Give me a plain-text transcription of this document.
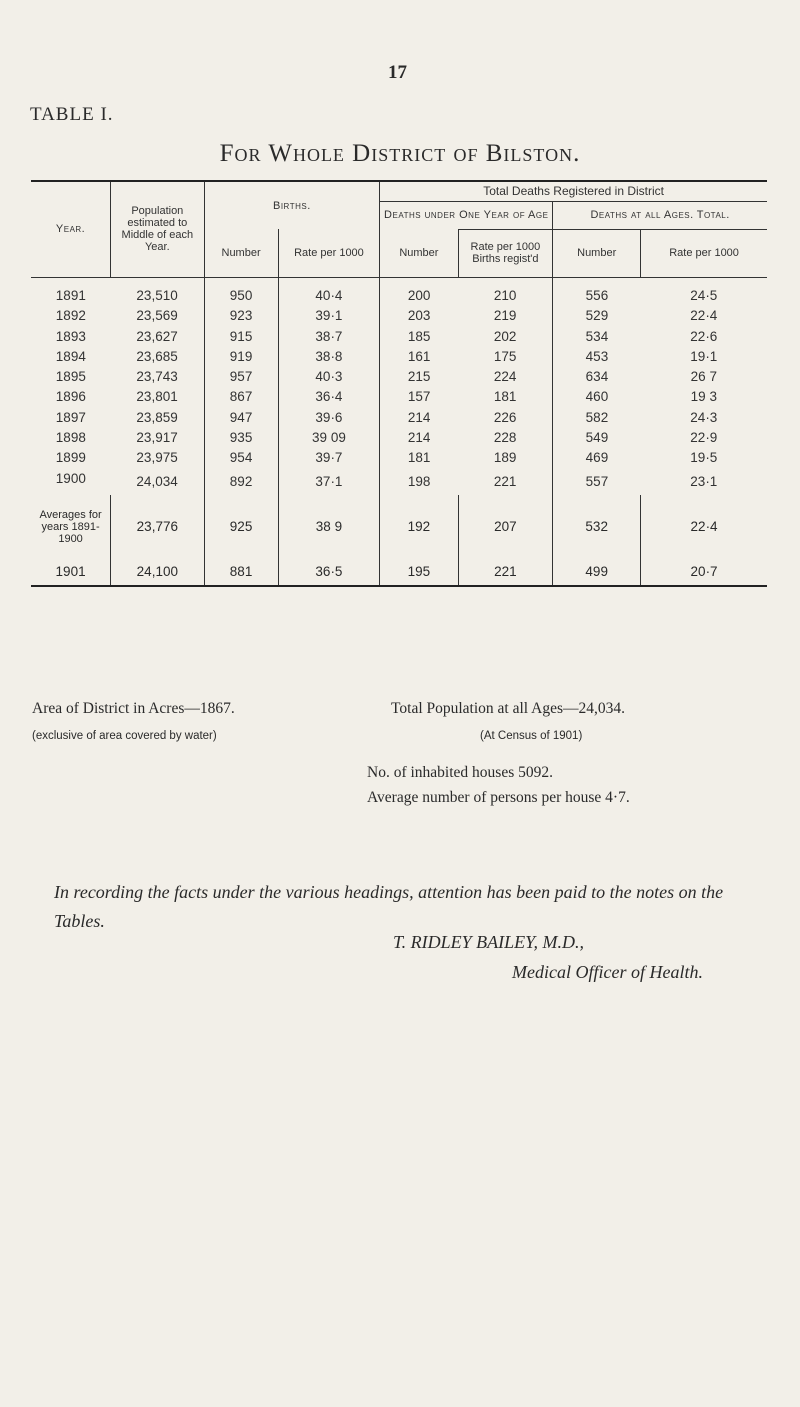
17
TABLE I.
For Whole District of Bilston.
Year.	Population estimated to Middle of each Year.	Births.		Total Deaths Registered in District			
				Deaths under One Year of Age		Deaths at all Ages. Total.	
		Number	Rate per 1000	Number	Rate per 1000 Births regist'd	Number	Rate per 1000

1891	23,510	950	40·4	200	210	556	24·5
1892	23,569	923	39·1	203	219	529	22·4
1893	23,627	915	38·7	185	202	534	22·6
1894	23,685	919	38·8	161	175	453	19·1
1895	23,743	957	40·3	215	224	634	26 7
1896	23,801	867	36·4	157	181	460	19 3
1897	23,859	947	39·6	214	226	582	24·3
1898	23,917	935	39 09	214	228	549	22·9
1899	23,975	954	39·7	181	189	469	19·5
1900	24,034	892	37·1	198	221	557	23·1
Averages for years 1891-1900	23,776	925	38 9	192	207	532	22·4
1901	24,100	881	36·5	195	221	499	20·7
Area of District in Acres—1867.
(exclusive of area covered by water)
Total Population at all Ages—24,034.
(At Census of 1901)
No. of inhabited houses 5092.
Average number of persons per house 4·7.
In recording the facts under the various headings, attention has been paid to the notes on the Tables.
T. RIDLEY BAILEY, M.D.,
Medical Officer of Health.
